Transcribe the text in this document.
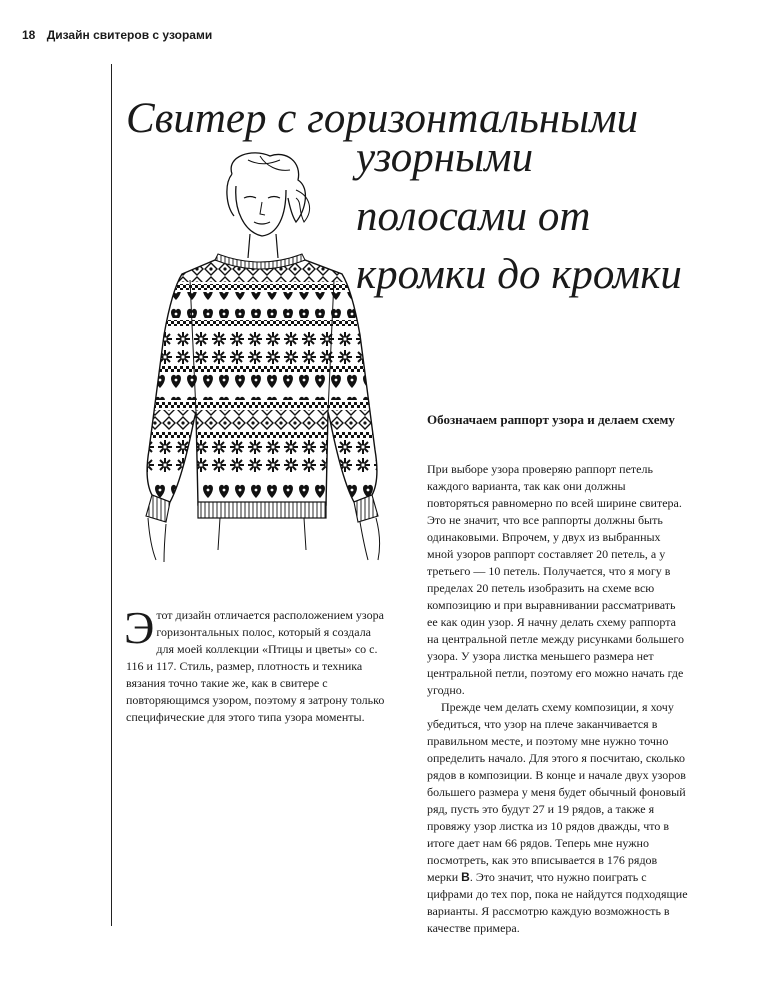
18 Дизайн свитеров с узорами
Свитер с горизонтальными
узорными
полосами от
кромки до кромки
Этот дизайн отличается расположением узора горизонтальных полос, который я создала для моей коллекции «Птицы и цветы» со с. 116 и 117. Стиль, размер, плотность и техника вязания точно такие же, как в свитере с повторяющимся узором, поэтому я затрону только специфические для этого типа узора моменты.
Обозначаем раппорт узора и делаем схему

При выборе узора проверяю раппорт петель каждого варианта, так как они должны повторяться равномерно по всей ширине свитера. Это не значит, что все раппорты должны быть одинаковыми. Впрочем, у двух из выбранных мной узоров раппорт составляет 20 петель, а у третьего — 10 петель. Получается, что я могу в пределах 20 петель изобразить на схеме всю композицию и при выравнивании рассматривать ее как один узор. Я начну делать схему раппорта на центральной петле между рисунками большего узора. У узора листка меньшего размера нет центральной петли, поэтому его можно начать где угодно.

Прежде чем делать схему композиции, я хочу убедиться, что узор на плече заканчивается в правильном месте, и поэтому мне нужно точно определить начало. Для этого я посчитаю, сколько рядов в композиции. В конце и начале двух узоров большего размера у меня будет обычный фоновый ряд, пусть это будут 27 и 19 рядов, а также я провяжу узор листка из 10 рядов дважды, что в итоге дает нам 66 рядов. Теперь мне нужно посмотреть, как это вписывается в 176 рядов мерки B. Это значит, что нужно поиграть с цифрами до тех пор, пока не найдутся подходящие варианты. Я рассмотрю каждую возможность в качестве примера.
